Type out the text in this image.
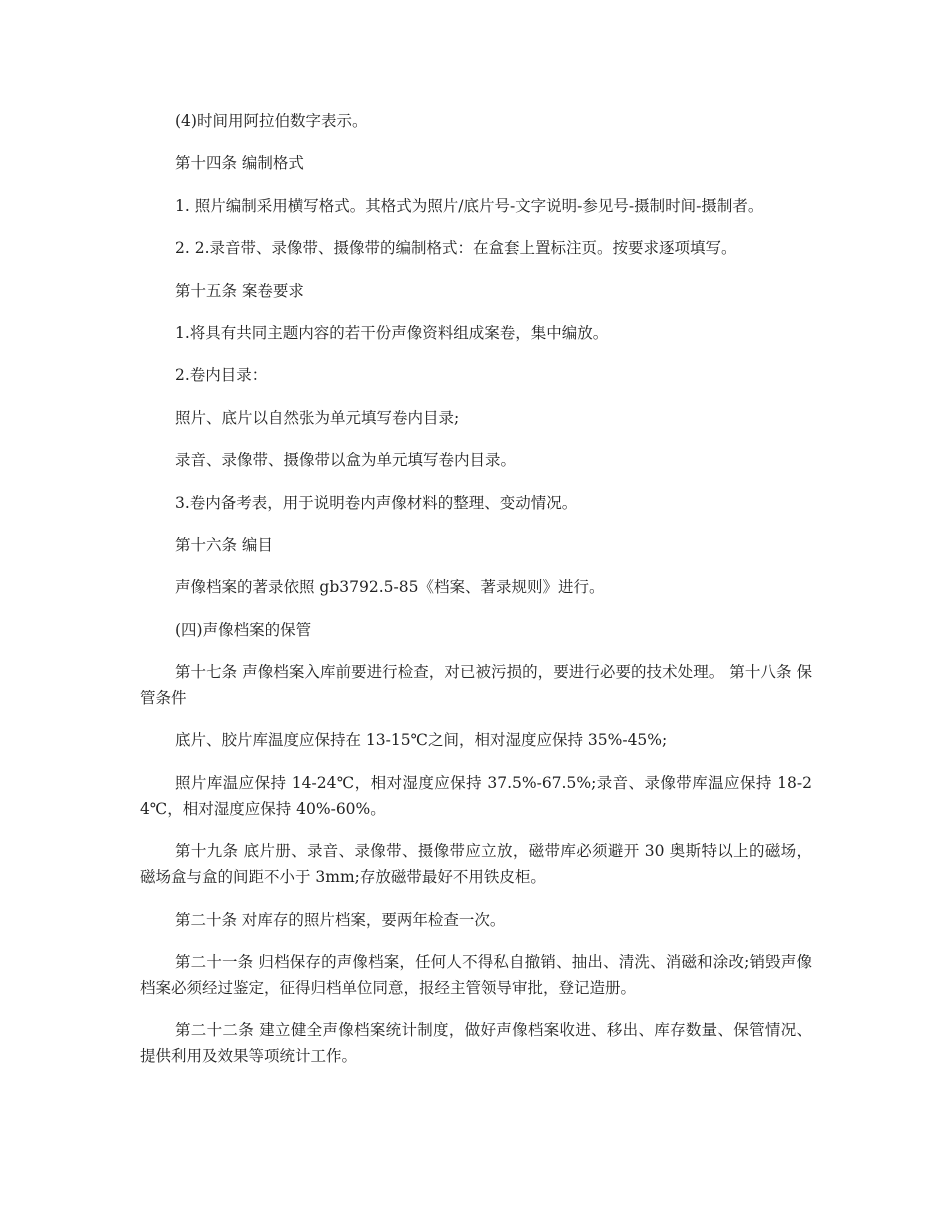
(4)时间用阿拉伯数字表示。

第十四条 编制格式

1. 照片编制采用横写格式。其格式为照片/底片号-文字说明-参见号-摄制时间-摄制者。

2. 2.录音带、录像带、摄像带的编制格式：在盒套上置标注页。按要求逐项填写。

第十五条 案卷要求

1.将具有共同主题内容的若干份声像资料组成案卷，集中编放。

2.卷内目录：

照片、底片以自然张为单元填写卷内目录;

录音、录像带、摄像带以盒为单元填写卷内目录。

3.卷内备考表，用于说明卷内声像材料的整理、变动情况。

第十六条 编目

声像档案的著录依照 gb3792.5-85《档案、著录规则》进行。

(四)声像档案的保管

第十七条 声像档案入库前要进行检查，对已被污损的，要进行必要的技术处理。 第十八条 保管条件

底片、胶片库温度应保持在 13-15℃之间，相对湿度应保持 35%-45%;

照片库温应保持 14-24℃，相对湿度应保持 37.5%-67.5%;录音、录像带库温应保持 18-24℃，相对湿度应保持 40%-60%。

第十九条 底片册、录音、录像带、摄像带应立放，磁带库必须避开 30 奥斯特以上的磁场，磁场盒与盒的间距不小于 3mm;存放磁带最好不用铁皮柜。

第二十条 对库存的照片档案，要两年检查一次。

第二十一条 归档保存的声像档案，任何人不得私自撤销、抽出、清洗、消磁和涂改;销毁声像档案必须经过鉴定，征得归档单位同意，报经主管领导审批，登记造册。

第二十二条 建立健全声像档案统计制度，做好声像档案收进、移出、库存数量、保管情况、提供利用及效果等项统计工作。
